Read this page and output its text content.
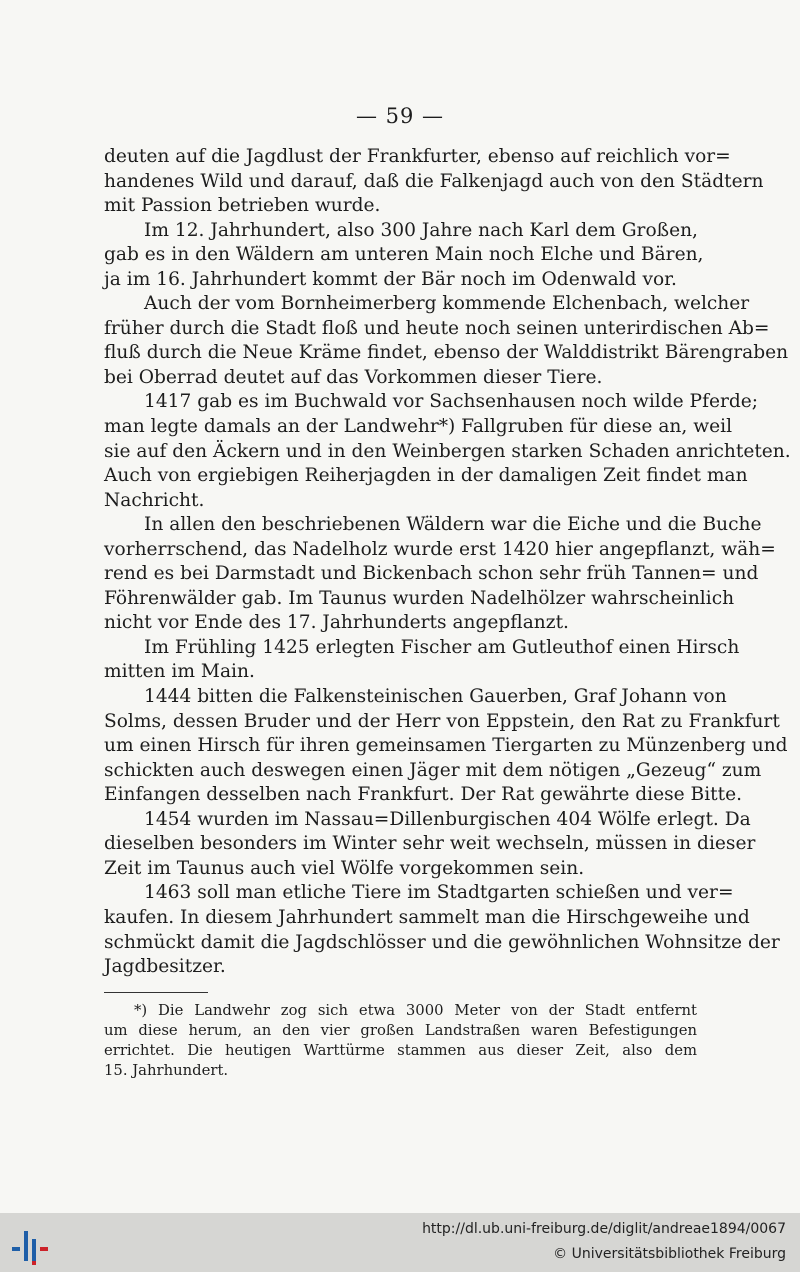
— 59 —
deuten auf die Jagdlust der Frankfurter, ebenso auf reichlich vor=
handenes Wild und darauf, daß die Falkenjagd auch von den Städtern
mit Passion betrieben wurde.
Im 12. Jahrhundert, also 300 Jahre nach Karl dem Großen,
gab es in den Wäldern am unteren Main noch Elche und Bären,
ja im 16. Jahrhundert kommt der Bär noch im Odenwald vor.
Auch der vom Bornheimerberg kommende Elchenbach, welcher
früher durch die Stadt floß und heute noch seinen unterirdischen Ab=
fluß durch die Neue Kräme findet, ebenso der Walddistrikt Bärengraben
bei Oberrad deutet auf das Vorkommen dieser Tiere.
1417 gab es im Buchwald vor Sachsenhausen noch wilde Pferde;
man legte damals an der Landwehr*) Fallgruben für diese an, weil
sie auf den Äckern und in den Weinbergen starken Schaden anrichteten.
Auch von ergiebigen Reiherjagden in der damaligen Zeit findet man
Nachricht.
In allen den beschriebenen Wäldern war die Eiche und die Buche
vorherrschend, das Nadelholz wurde erst 1420 hier angepflanzt, wäh=
rend es bei Darmstadt und Bickenbach schon sehr früh Tannen= und
Föhrenwälder gab. Im Taunus wurden Nadelhölzer wahrscheinlich
nicht vor Ende des 17. Jahrhunderts angepflanzt.
Im Frühling 1425 erlegten Fischer am Gutleuthof einen Hirsch
mitten im Main.
1444 bitten die Falkensteinischen Gauerben, Graf Johann von
Solms, dessen Bruder und der Herr von Eppstein, den Rat zu Frankfurt
um einen Hirsch für ihren gemeinsamen Tiergarten zu Münzenberg und
schickten auch deswegen einen Jäger mit dem nötigen „Gezeug“ zum
Einfangen desselben nach Frankfurt. Der Rat gewährte diese Bitte.
1454 wurden im Nassau=Dillenburgischen 404 Wölfe erlegt. Da
dieselben besonders im Winter sehr weit wechseln, müssen in dieser
Zeit im Taunus auch viel Wölfe vorgekommen sein.
1463 soll man etliche Tiere im Stadtgarten schießen und ver=
kaufen. In diesem Jahrhundert sammelt man die Hirschgeweihe und
schmückt damit die Jagdschlösser und die gewöhnlichen Wohnsitze der
Jagdbesitzer.
*) Die Landwehr zog sich etwa 3000 Meter von der Stadt entfernt
um diese herum, an den vier großen Landstraßen waren Befestigungen
errichtet. Die heutigen Warttürme stammen aus dieser Zeit, also dem
15. Jahrhundert.
http://dl.ub.uni-freiburg.de/diglit/andreae1894/0067
© Universitätsbibliothek Freiburg
